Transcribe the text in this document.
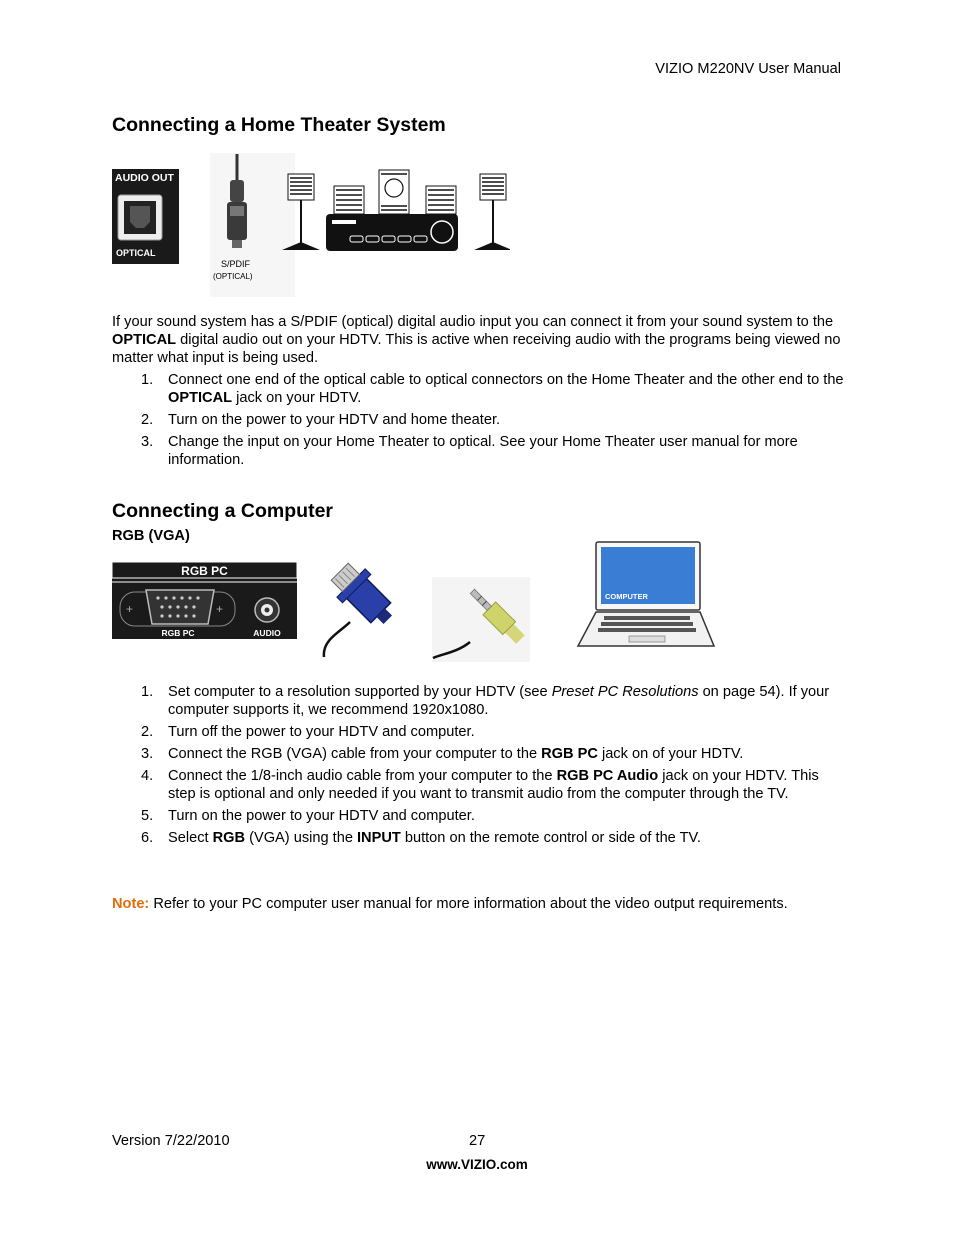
VIZIO M220NV User Manual
Connecting a Home Theater System
AUDIO OUT
OPTICAL
S/PDIF
(OPTICAL)

If your sound system has a S/PDIF (optical) digital audio input you can connect it from your sound system to the OPTICAL digital audio out on your HDTV. This is active when receiving audio with the programs being viewed no matter what input is being used.

1. Connect one end of the optical cable to optical connectors on the Home Theater and the other end to the OPTICAL jack on your HDTV.
2. Turn on the power to your HDTV and home theater.
3. Change the input on your Home Theater to optical. See your Home Theater user manual for more information.
Connecting a Computer
RGB (VGA)
RGB PC
+	+
RGB PC	AUDIO
COMPUTER
1. Set computer to a resolution supported by your HDTV (see Preset PC Resolutions on page 54). If your computer supports it, we recommend 1920x1080.
2. Turn off the power to your HDTV and computer.
3. Connect the RGB (VGA) cable from your computer to the RGB PC jack on of your HDTV.
4. Connect the 1/8-inch audio cable from your computer to the RGB PC Audio jack on your HDTV. This step is optional and only needed if you want to transmit audio from the computer through the TV.
5. Turn on the power to your HDTV and computer.
6. Select RGB (VGA) using the INPUT button on the remote control or side of the TV.

Note: Refer to your PC computer user manual for more information about the video output requirements.

Version 7/22/2010	27
www.VIZIO.com
